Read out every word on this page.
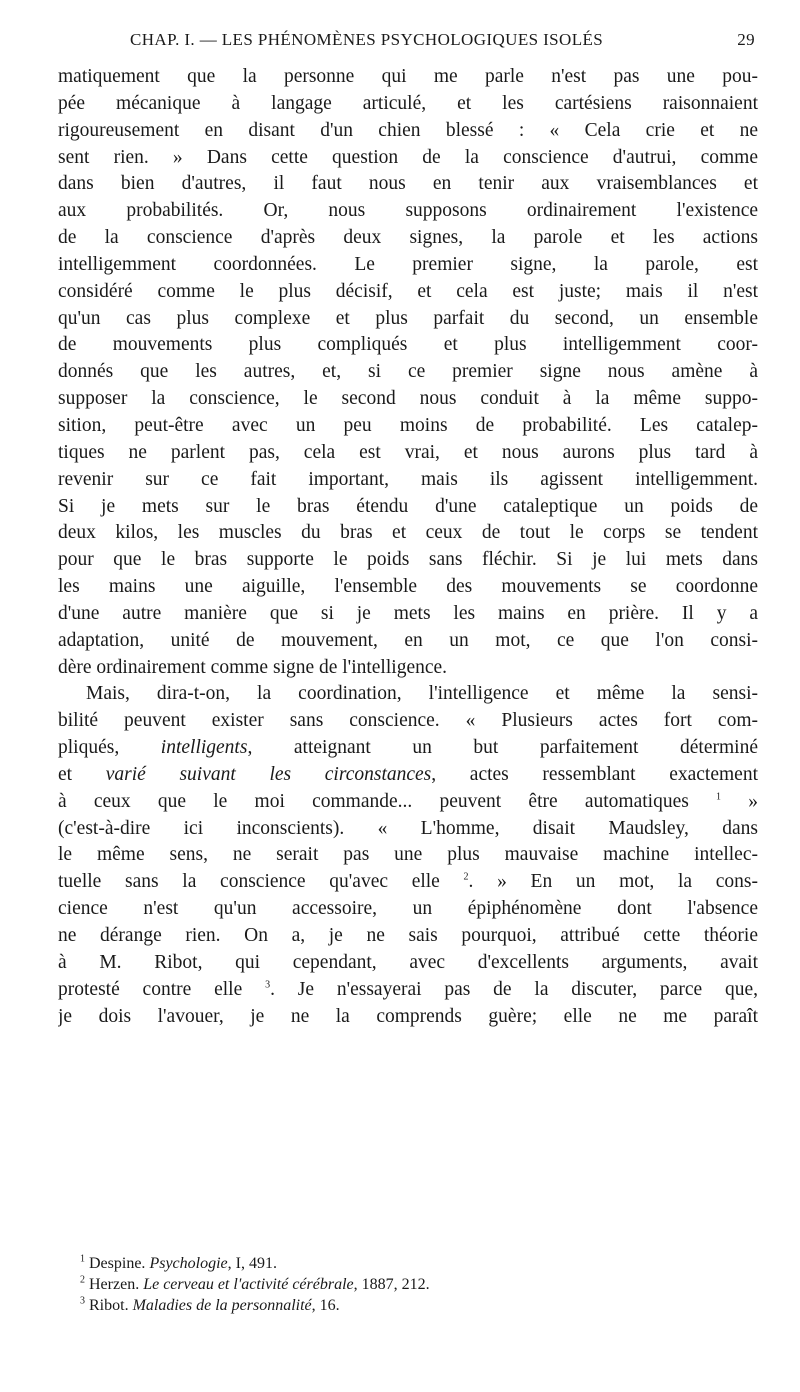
CHAP. I. — LES PHÉNOMÈNES PSYCHOLOGIQUES ISOLÉS	29
matiquement que la personne qui me parle n'est pas une pou-
pée mécanique à langage articulé, et les cartésiens raisonnaient
rigoureusement en disant d'un chien blessé : « Cela crie et ne
sent rien. » Dans cette question de la conscience d'autrui, comme
dans bien d'autres, il faut nous en tenir aux vraisemblances et
aux probabilités. Or, nous supposons ordinairement l'existence
de la conscience d'après deux signes, la parole et les actions
intelligemment coordonnées. Le premier signe, la parole, est
considéré comme le plus décisif, et cela est juste; mais il n'est
qu'un cas plus complexe et plus parfait du second, un ensemble
de mouvements plus compliqués et plus intelligemment coor-
donnés que les autres, et, si ce premier signe nous amène à
supposer la conscience, le second nous conduit à la même suppo-
sition, peut-être avec un peu moins de probabilité. Les catalep-
tiques ne parlent pas, cela est vrai, et nous aurons plus tard à
revenir sur ce fait important, mais ils agissent intelligemment.
Si je mets sur le bras étendu d'une cataleptique un poids de
deux kilos, les muscles du bras et ceux de tout le corps se tendent
pour que le bras supporte le poids sans fléchir. Si je lui mets dans
les mains une aiguille, l'ensemble des mouvements se coordonne
d'une autre manière que si je mets les mains en prière. Il y a
adaptation, unité de mouvement, en un mot, ce que l'on consi-
dère ordinairement comme signe de l'intelligence.
Mais, dira-t-on, la coordination, l'intelligence et même la sensi-
bilité peuvent exister sans conscience. « Plusieurs actes fort com-
pliqués, intelligents, atteignant un but parfaitement déterminé
et varié suivant les circonstances, actes ressemblant exactement
à ceux que le moi commande... peuvent être automatiques $^1$ »
(c'est-à-dire ici inconscients). « L'homme, disait Maudsley, dans
le même sens, ne serait pas une plus mauvaise machine intellec-
tuelle sans la conscience qu'avec elle $^2$. » En un mot, la cons-
cience n'est qu'un accessoire, un épiphénomène dont l'absence
ne dérange rien. On a, je ne sais pourquoi, attribué cette théorie
à M. Ribot, qui cependant, avec d'excellents arguments, avait
protesté contre elle $^3$. Je n'essayerai pas de la discuter, parce que,
je dois l'avouer, je ne la comprends guère; elle ne me paraît
$^1$ Despine. Psychologie, I, 491.
$^2$ Herzen. Le cerveau et l'activité cérébrale, 1887, 212.
$^3$ Ribot. Maladies de la personnalité, 16.
